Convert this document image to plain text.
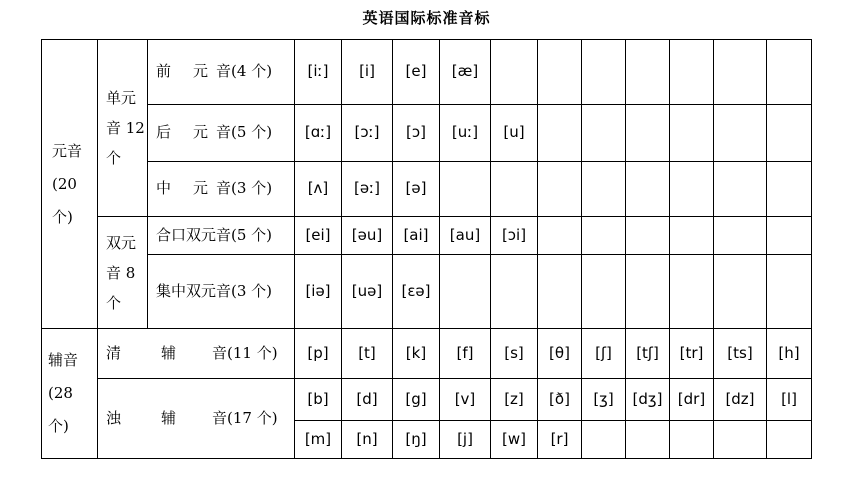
英语国际标准音标
元音
(20
个)	单元
音 12
个	前 元 音(4 个)	[iː]	[i]	[e]	[æ]							
		后 元 音(5 个)	[ɑː]	[ɔː]	[ɔ]	[uː]	[u]						
		中 元 音(3 个)	[ʌ]	[əː]	[ə]								
	双元
音 8
个	合口双元音(5 个)	[ei]	[əu]	[ai]	[au]	[ɔi]						
		集中双元音(3 个)	[iə]	[uə]	[ɛə]								
辅音
(28
个)	清 辅 音(11 个)		[p]	[t]	[k]	[f]	[s]	[θ]	[ʃ]	[tʃ]	[tr]	[ts]	[h]
	浊 辅 音(17 个)		[b]	[d]	[g]	[v]	[z]	[ð]	[ʒ]	[dʒ]	[dr]	[dz]	[l]
			[m]	[n]	[ŋ]	[j]	[w]	[r]					
